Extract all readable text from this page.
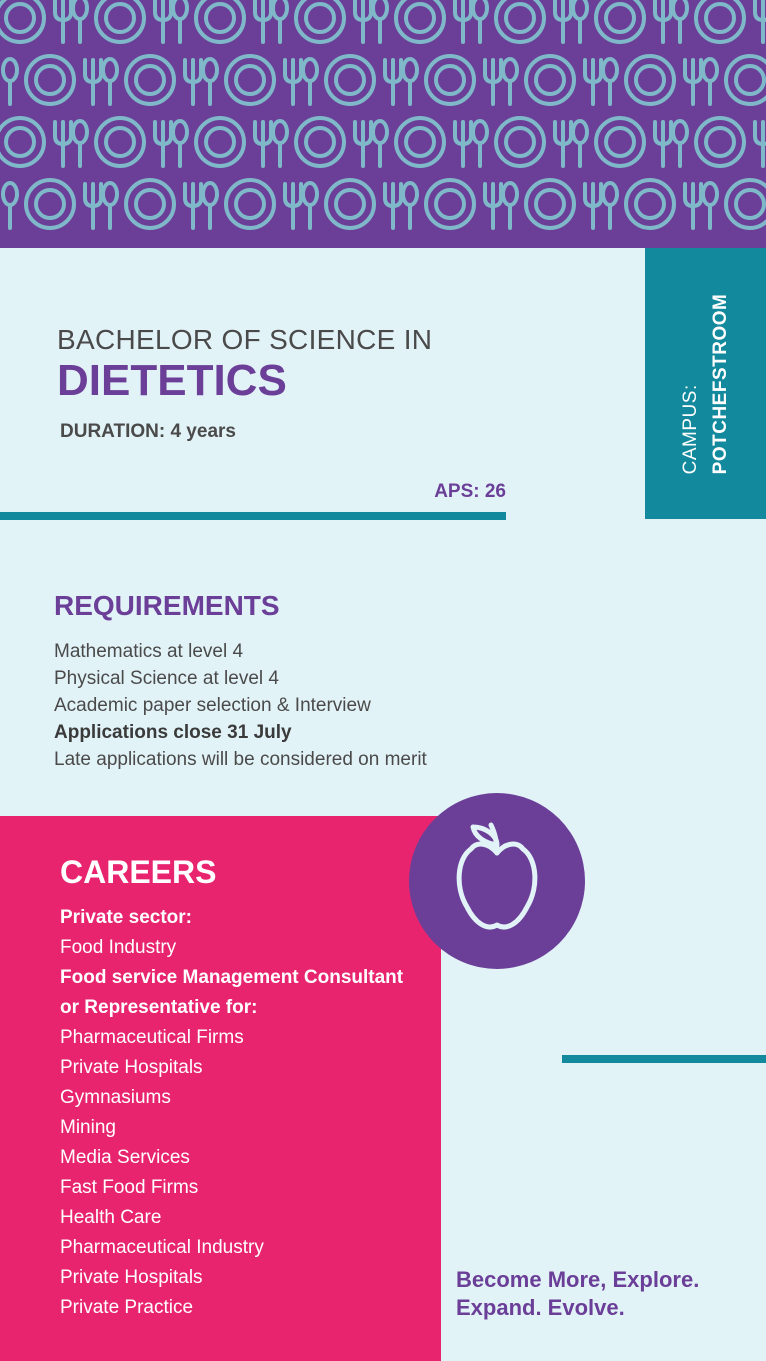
CAMPUS: POTCHEFSTROOM
BACHELOR OF SCIENCE IN
DIETETICS
DURATION: 4 years
APS: 26
REQUIREMENTS
Mathematics at level 4
Physical Science at level 4
Academic paper selection & Interview
Applications close 31 July
Late applications will be considered on merit
CAREERS
Private sector:
Food Industry
Food service Management Consultant
or Representative for:
Pharmaceutical Firms
Private Hospitals
Gymnasiums
Mining
Media Services
Fast Food Firms
Health Care
Pharmaceutical Industry
Private Hospitals
Private Practice
Become More, Explore.
Expand. Evolve.
